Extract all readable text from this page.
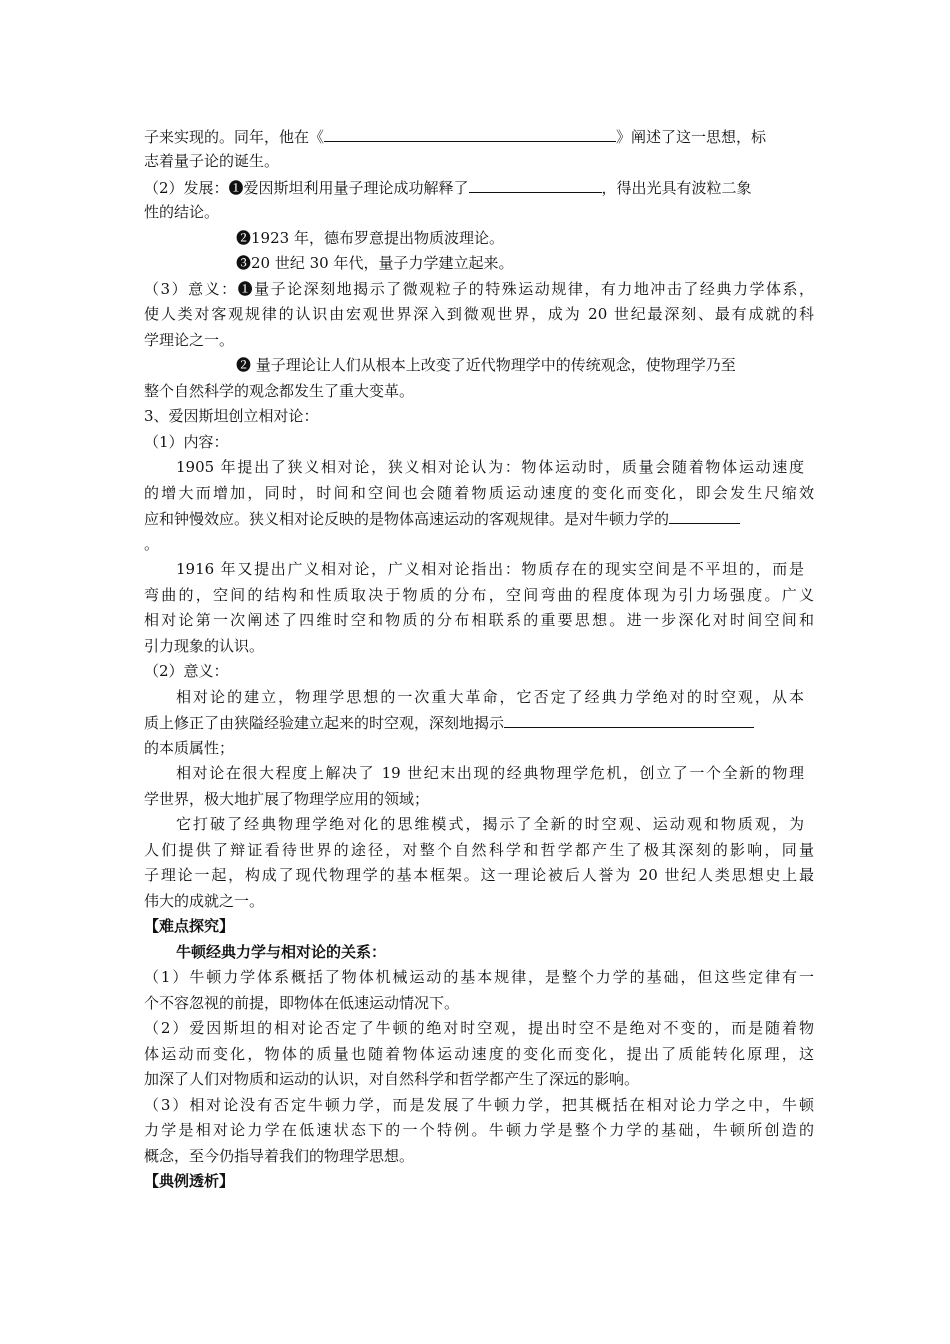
子来实现的。同年，他在《	》阐述了这一思想，标
志着量子论的诞生。
（2）发展：❶爱因斯坦利用量子理论成功解释了	，得出光具有波粒二象
性的结论。
❷1923 年，德布罗意提出物质波理论。
❸20 世纪 30 年代，量子力学建立起来。
（3）意义：❶量子论深刻地揭示了微观粒子的特殊运动规律，有力地冲击了经典力学体系，
使人类对客观规律的认识由宏观世界深入到微观世界，成为 20 世纪最深刻、最有成就的科
学理论之一。
❷ 量子理论让人们从根本上改变了近代物理学中的传统观念，使物理学乃至
整个自然科学的观念都发生了重大变革。
3、爱因斯坦创立相对论：
（1）内容：
1905 年提出了狭义相对论，狭义相对论认为：物体运动时，质量会随着物体运动速度
的增大而增加，同时，时间和空间也会随着物质运动速度的变化而变化，即会发生尺缩效
应和钟慢效应。狭义相对论反映的是物体高速运动的客观规律。是对牛顿力学的
。
1916 年又提出广义相对论，广义相对论指出：物质存在的现实空间是不平坦的，而是
弯曲的，空间的结构和性质取决于物质的分布，空间弯曲的程度体现为引力场强度。广义
相对论第一次阐述了四维时空和物质的分布相联系的重要思想。进一步深化对时间空间和
引力现象的认识。
（2）意义：
相对论的建立，物理学思想的一次重大革命，它否定了经典力学绝对的时空观，从本
质上修正了由狭隘经验建立起来的时空观，深刻地揭示
的本质属性；
相对论在很大程度上解决了 19 世纪末出现的经典物理学危机，创立了一个全新的物理
学世界，极大地扩展了物理学应用的领域；
它打破了经典物理学绝对化的思维模式，揭示了全新的时空观、运动观和物质观，为
人们提供了辩证看待世界的途径，对整个自然科学和哲学都产生了极其深刻的影响，同量
子理论一起，构成了现代物理学的基本框架。这一理论被后人誉为 20 世纪人类思想史上最
伟大的成就之一。
【难点探究】
牛顿经典力学与相对论的关系：
（1）牛顿力学体系概括了物体机械运动的基本规律，是整个力学的基础，但这些定律有一
个不容忽视的前提，即物体在低速运动情况下。
（2）爱因斯坦的相对论否定了牛顿的绝对时空观，提出时空不是绝对不变的，而是随着物
体运动而变化，物体的质量也随着物体运动速度的变化而变化，提出了质能转化原理，这
加深了人们对物质和运动的认识，对自然科学和哲学都产生了深远的影响。
（3）相对论没有否定牛顿力学，而是发展了牛顿力学，把其概括在相对论力学之中，牛顿
力学是相对论力学在低速状态下的一个特例。牛顿力学是整个力学的基础，牛顿所创造的
概念，至今仍指导着我们的物理学思想。
【典例透析】
